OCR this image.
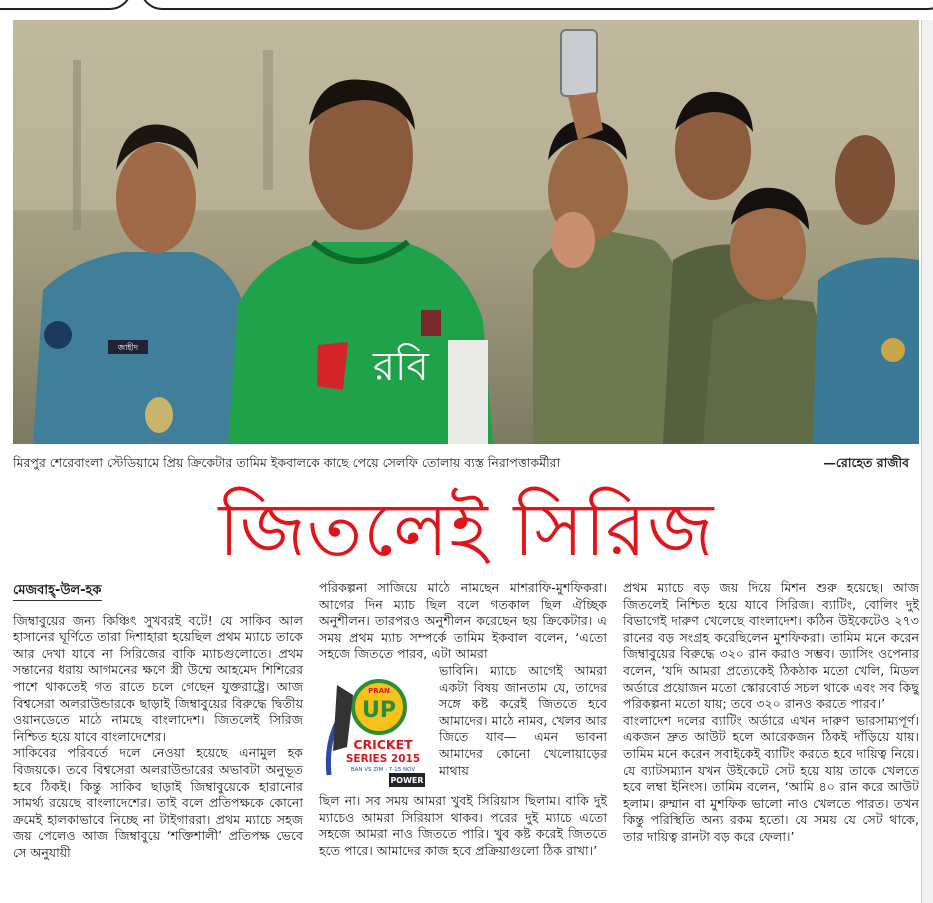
জাহীদ	রবি
মিরপুর শেরেবাংলা স্টেডিয়ামে প্রিয় ক্রিকেটার তামিম ইকবালকে কাছে পেয়ে সেলফি তোলায় ব্যস্ত নিরাপত্তাকর্মীরা	—রোহেত রাজীব
জিতলেই সিরিজ
মেজবাহ্-উল-হক

জিম্বাবুয়ের জন্য কিঞ্চিৎ সুখবরই বটে! যে সাকিব আল হাসানের ঘূর্ণিতে তারা দিশাহারা হয়েছিল প্রথম ম্যাচে তাকে আর দেখা যাবে না সিরিজের বাকি ম্যাচগুলোতে। প্রথম সন্তানের ধরায় আগমনের ক্ষণে স্ত্রী উম্মে আহমেদ শিশিরের পাশে থাকতেই গত রাতে চলে গেছেন যুক্তরাষ্ট্রে। আজ বিশ্বসেরা অলরাউন্ডারকে ছাড়াই জিম্বাবুয়ের বিরুদ্ধে দ্বিতীয় ওয়ানডেতে মাঠে নামছে বাংলাদেশ। জিতলেই সিরিজ নিশ্চিত হয়ে যাবে বাংলাদেশের।

সাকিবের পরিবর্তে দলে নেওয়া হয়েছে এনামুল হক বিজয়কে। তবে বিশ্বসেরা অলরাউন্ডারের অভাবটা অনুভূত হবে ঠিকই। কিন্তু সাকিব ছাড়াই জিম্বাবুয়েকে হারানোর সামর্থ্য রয়েছে বাংলাদেশের। তাই বলে প্রতিপক্ষকে কোনো ক্রমেই হালকাভাবে নিচ্ছে না টাইগাররা। প্রথম ম্যাচে সহজ জয় পেলেও আজ জিম্বাবুয়ে ‘শক্তিশালী’ প্রতিপক্ষ ভেবে সে অনুযায়ী

পরিকল্পনা সাজিয়ে মাঠে নামছেন মাশরাফি-মুশফিকরা। আগের দিন ম্যাচ ছিল বলে গতকাল ছিল ঐচ্ছিক অনুশীলন। তারপরও অনুশীলন করেছেন ছয় ক্রিকেটার। এ সময় প্রথম ম্যাচ সম্পর্কে তামিম ইকবাল বলেন, ‘এতো সহজে জিততে পারব, এটা আমরা

PRAN
UP
CRICKET
SERIES 2015
BAN VS ZIM : 7-15 NOV
POWER

ভাবিনি। ম্যাচে আগেই আমরা একটা বিষয় জানতাম যে, তাদের সঙ্গে কষ্ট করেই জিততে হবে আমাদের। মাঠে নামব, খেলব আর জিতে যাব— এমন ভাবনা আমাদের কোনো খেলোয়াড়ের মাথায়

ছিল না। সব সময় আমরা খুবই সিরিয়াস ছিলাম। বাকি দুই ম্যাচেও আমরা সিরিয়াস থাকব। পরের দুই ম্যাচে এতো সহজে আমরা নাও জিততে পারি। খুব কষ্ট করেই জিততে হতে পারে। আমাদের কাজ হবে প্রক্রিয়াগুলো ঠিক রাখা।’

প্রথম ম্যাচে বড় জয় দিয়ে মিশন শুরু হয়েছে। আজ জিতলেই নিশ্চিত হয়ে যাবে সিরিজ। ব্যাটিং, বোলিং দুই বিভাগেই দারুণ খেলেছে বাংলাদেশ। কঠিন উইকেটেও ২৭৩ রানের বড় সংগ্রহ করেছিলেন মুশফিকরা। তামিম মনে করেন জিম্বাবুয়ের বিরুদ্ধে ৩২০ রান করাও সম্ভব। ড্যাসিং ওপেনার বলেন, ‘যদি আমরা প্রত্যেকেই ঠিকঠাক মতো খেলি, মিডল অর্ডারে প্রয়োজন মতো স্কোরবোর্ড সচল থাকে এবং সব কিছু পরিকল্পনা মতো যায়; তবে ৩২০ রানও করতে পারব।’

বাংলাদেশ দলের ব্যাটিং অর্ডারে এখন দারুণ ভারসাম্যপূর্ণ। একজন দ্রুত আউট হলে আরেকজন ঠিকই দাঁড়িয়ে যায়। তামিম মনে করেন সবাইকেই ব্যাটিং করতে হবে দায়িত্ব নিয়ে। যে ব্যাটসম্যান যখন উইকেটে সেট হয়ে যায় তাকে খেলতে হবে লম্বা ইনিংস। তামিম বলেন, ‘আমি ৪০ রান করে আউট হলাম। রুম্মান বা মুশফিক ভালো নাও খেলতে পারত। তখন কিন্তু পরিস্থিতি অন্য রকম হতো। যে সময় যে সেট থাকে, তার দায়িত্ব রানটা বড় করে ফেলা।’
